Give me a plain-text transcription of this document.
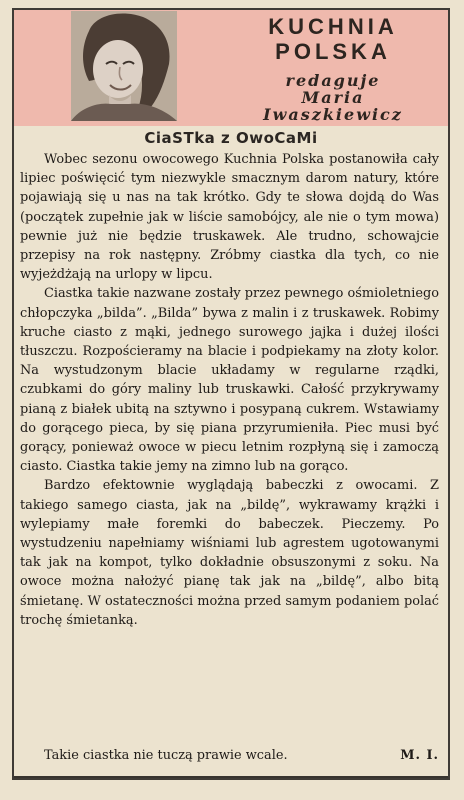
KUCHNIA
POLSKA
redaguje
Maria
Iwaszkiewicz
CiaSTka z OwoCaMi

Wobec sezonu owocowego Kuchnia Polska postanowiła cały lipiec poświęcić tym niezwykle smacznym darom natury, które pojawiają się u nas na tak krótko. Gdy te słowa dojdą do Was (początek zupełnie jak w liście samobójcy, ale nie o tym mowa) pewnie już nie będzie truskawek. Ale trudno, schowajcie przepisy na rok następny. Zróbmy ciastka dla tych, co nie wyjeżdżają na urlopy w lipcu.

Ciastka takie nazwane zostały przez pewnego ośmioletniego chłopczyka „bilda”. „Bilda” bywa z malin i z truskawek. Robimy kruche ciasto z mąki, jednego surowego jajka i dużej ilości tłuszczu. Rozpościeramy na blacie i podpiekamy na złoty kolor. Na wystudzonym blacie układamy w regularne rządki, czubkami do góry maliny lub truskawki. Całość przykrywamy pianą z białek ubitą na sztywno i posypaną cukrem. Wstawiamy do gorącego pieca, by się piana przyrumieniła. Piec musi być gorący, ponieważ owoce w piecu letnim rozpłyną się i zamoczą ciasto. Ciastka takie jemy na zimno lub na gorąco.

Bardzo efektownie wyglądają babeczki z owocami. Z takiego samego ciasta, jak na „bildę”, wykrawamy krążki i wylepiamy małe foremki do babeczek. Pieczemy. Po wystudzeniu napełniamy wiśniami lub agrestem ugotowanymi tak jak na kompot, tylko dokładnie obsuszonymi z soku. Na owoce można nałożyć pianę tak jak na „bildę”, albo bitą śmietanę. W ostateczności można przed samym podaniem polać trochę śmietanką.

Takie ciastka nie tuczą prawie wcale.	M. I.
